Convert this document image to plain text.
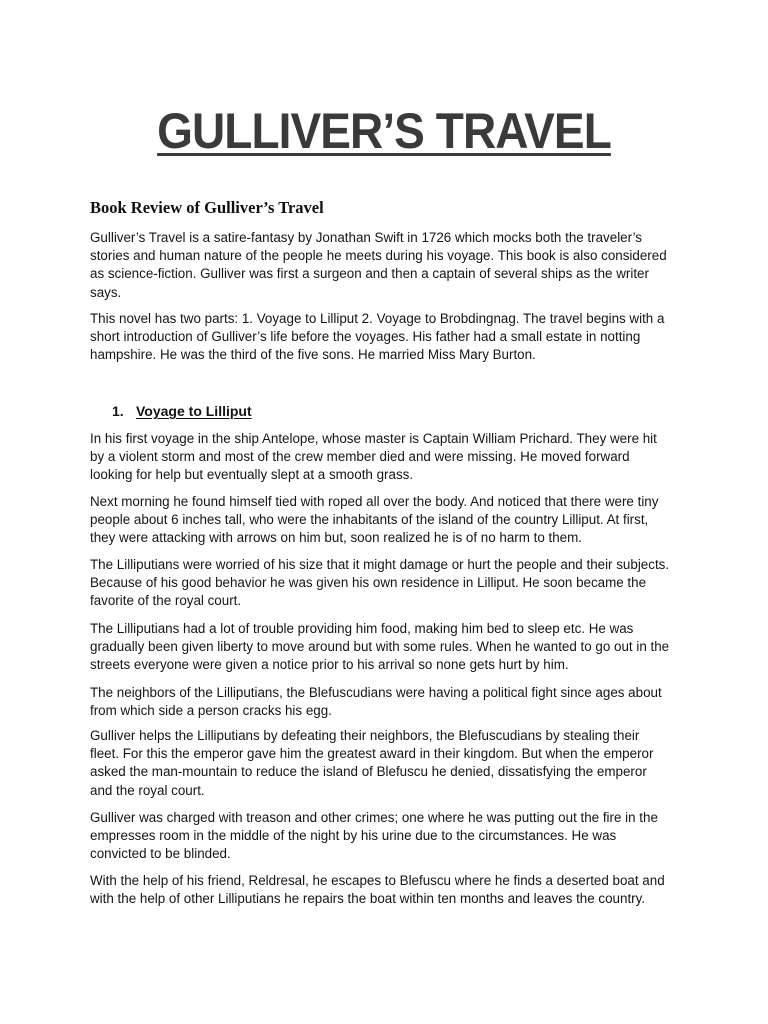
GULLIVER’S TRAVEL
Book Review of Gulliver’s Travel

Gulliver’s Travel is a satire-fantasy by Jonathan Swift in 1726 which mocks both the traveler’s stories and human nature of the people he meets during his voyage. This book is also considered as science-fiction. Gulliver was first a surgeon and then a captain of several ships as the writer says.

This novel has two parts: 1. Voyage to Lilliput 2. Voyage to Brobdingnag. The travel begins with a short introduction of Gulliver’s life before the voyages. His father had a small estate in notting hampshire. He was the third of the five sons. He married Miss Mary Burton.

1. Voyage to Lilliput

In his first voyage in the ship Antelope, whose master is Captain William Prichard. They were hit by a violent storm and most of the crew member died and were missing. He moved forward looking for help but eventually slept at a smooth grass.

Next morning he found himself tied with roped all over the body. And noticed that there were tiny people about 6 inches tall, who were the inhabitants of the island of the country Lilliput. At first, they were attacking with arrows on him but, soon realized he is of no harm to them.

The Lilliputians were worried of his size that it might damage or hurt the people and their subjects. Because of his good behavior he was given his own residence in Lilliput. He soon became the favorite of the royal court.

The Lilliputians had a lot of trouble providing him food, making him bed to sleep etc. He was gradually been given liberty to move around but with some rules. When he wanted to go out in the streets everyone were given a notice prior to his arrival so none gets hurt by him.

The neighbors of the Lilliputians, the Blefuscudians were having a political fight since ages about from which side a person cracks his egg.

Gulliver helps the Lilliputians by defeating their neighbors, the Blefuscudians by stealing their fleet. For this the emperor gave him the greatest award in their kingdom. But when the emperor asked the man-mountain to reduce the island of Blefuscu he denied, dissatisfying the emperor and the royal court.

Gulliver was charged with treason and other crimes; one where he was putting out the fire in the empresses room in the middle of the night by his urine due to the circumstances. He was convicted to be blinded.

With the help of his friend, Reldresal, he escapes to Blefuscu where he finds a deserted boat and with the help of other Lilliputians he repairs the boat within ten months and leaves the country.
